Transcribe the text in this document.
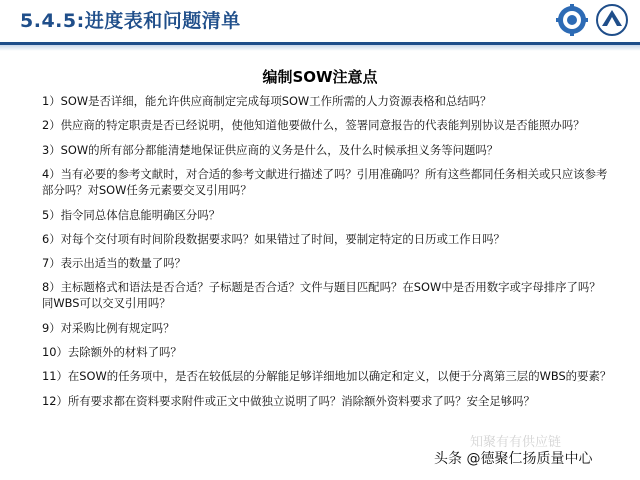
5.4.5:进度表和问题清单
编制SOW注意点
1）SOW是否详细，能允许供应商制定完成每项SOW工作所需的人力资源表格和总结吗？
2）供应商的特定职责是否已经说明，使他知道他要做什么，签署同意报告的代表能判别协议是否能照办吗？
3）SOW的所有部分都能清楚地保证供应商的义务是什么，及什么时候承担义务等问题吗？
4）当有必要的参考文献时，对合适的参考文献进行描述了吗？引用准确吗？所有这些都同任务相关或只应该参考部分吗？对SOW任务元素要交叉引用吗？
5）指令同总体信息能明确区分吗？
6）对每个交付项有时间阶段数据要求吗？如果错过了时间，要制定特定的日历或工作日吗？
7）表示出适当的数量了吗？
8）主标题格式和语法是否合适？子标题是否合适？文件与题目匹配吗？在SOW中是否用数字或字母排序了吗？同WBS可以交叉引用吗？
9）对采购比例有规定吗？
10）去除额外的材料了吗？
11）在SOW的任务项中，是否在较低层的分解能足够详细地加以确定和定义，以便于分离第三层的WBS的要素？
12）所有要求都在资料要求附件或正文中做独立说明了吗？消除额外资料要求了吗？安全足够吗？
知聚有有供应链
头条 @德聚仁扬质量中心
